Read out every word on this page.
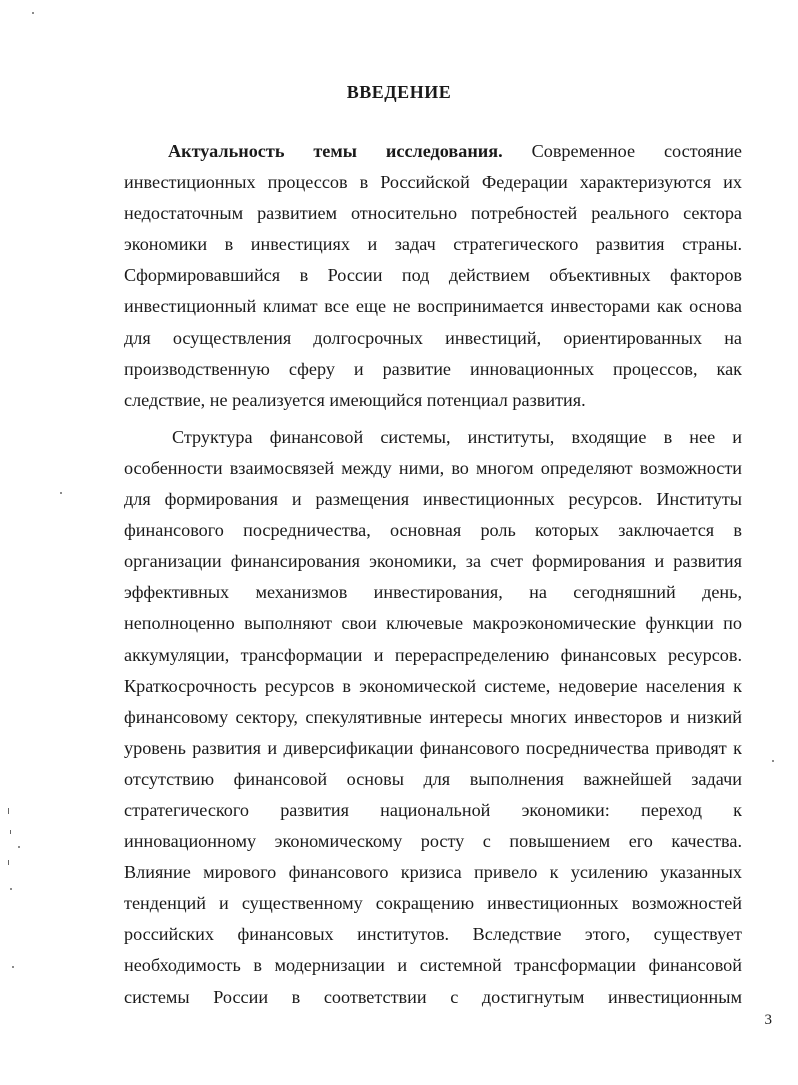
ВВЕДЕНИЕ
Актуальность темы исследования. Современное состояние
инвестиционных процессов в Российской Федерации характеризуются их
недостаточным развитием относительно потребностей реального сектора
экономики в инвестициях и задач стратегического развития страны.
Сформировавшийся в России под действием объективных факторов
инвестиционный климат все еще не воспринимается инвесторами как основа
для осуществления долгосрочных инвестиций, ориентированных на
производственную сферу и развитие инновационных процессов, как
следствие, не реализуется имеющийся потенциал развития.
Структура финансовой системы, институты, входящие в нее и
особенности взаимосвязей между ними, во многом определяют возможности
для формирования и размещения инвестиционных ресурсов. Институты
финансового посредничества, основная роль которых заключается в
организации финансирования экономики, за счет формирования и развития
эффективных механизмов инвестирования, на сегодняшний день,
неполноценно выполняют свои ключевые макроэкономические функции по
аккумуляции, трансформации и перераспределению финансовых ресурсов.
Краткосрочность ресурсов в экономической системе, недоверие населения к
финансовому сектору, спекулятивные интересы многих инвесторов и низкий
уровень развития и диверсификации финансового посредничества приводят к
отсутствию финансовой основы для выполнения важнейшей задачи
стратегического развития национальной экономики: переход к
инновационному экономическому росту с повышением его качества.
Влияние мирового финансового кризиса привело к усилению указанных
тенденций и существенному сокращению инвестиционных возможностей
российских финансовых институтов. Вследствие этого, существует
необходимость в модернизации и системной трансформации финансовой
системы России в соответствии с достигнутым инвестиционным
3
